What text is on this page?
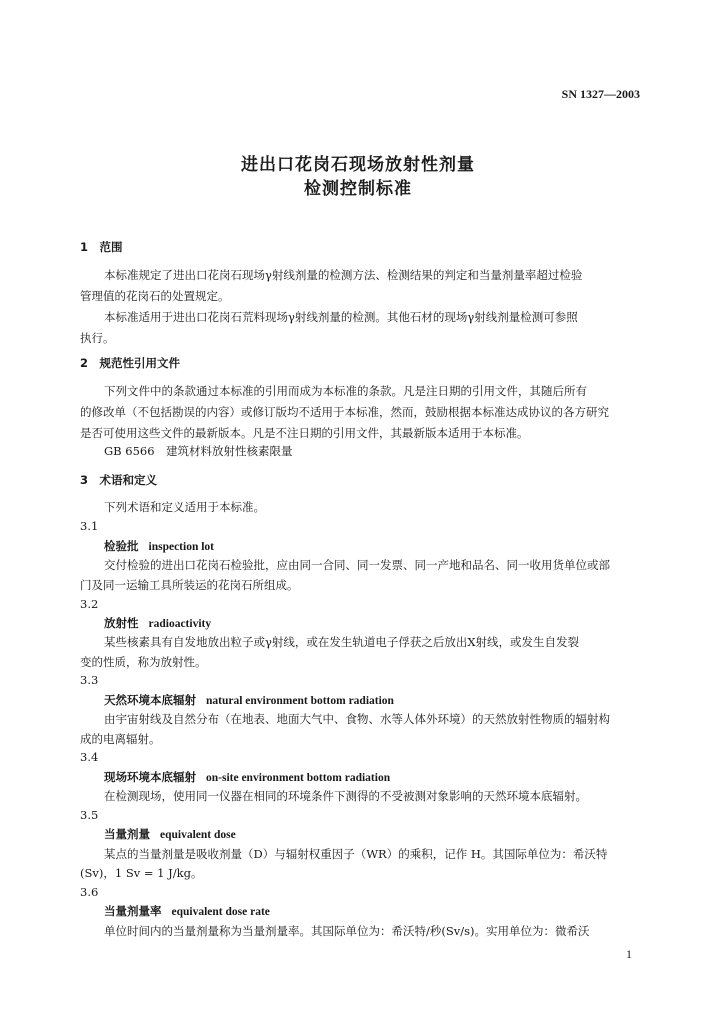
SN 1327—2003
进出口花岗石现场放射性剂量
检测控制标准
1　范围
本标准规定了进出口花岗石现场γ射线剂量的检测方法、检测结果的判定和当量剂量率超过检验
管理值的花岗石的处置规定。
本标准适用于进出口花岗石荒料现场γ射线剂量的检测。其他石材的现场γ射线剂量检测可参照
执行。
2　规范性引用文件
下列文件中的条款通过本标准的引用而成为本标准的条款。凡是注日期的引用文件，其随后所有
的修改单（不包括勘误的内容）或修订版均不适用于本标准，然而，鼓励根据本标准达成协议的各方研究
是否可使用这些文件的最新版本。凡是不注日期的引用文件，其最新版本适用于本标准。
GB 6566　建筑材料放射性核素限量
3　术语和定义
下列术语和定义适用于本标准。
3.1
检验批 inspection lot
交付检验的进出口花岗石检验批，应由同一合同、同一发票、同一产地和品名、同一收用货单位或部
门及同一运输工具所装运的花岗石所组成。
3.2
放射性 radioactivity
某些核素具有自发地放出粒子或γ射线，或在发生轨道电子俘获之后放出X射线，或发生自发裂
变的性质，称为放射性。
3.3
天然环境本底辐射 natural environment bottom radiation
由宇宙射线及自然分布（在地表、地面大气中、食物、水等人体外环境）的天然放射性物质的辐射构
成的电离辐射。
3.4
现场环境本底辐射 on-site environment bottom radiation
在检测现场，使用同一仪器在相同的环境条件下测得的不受被测对象影响的天然环境本底辐射。
3.5
当量剂量 equivalent dose
某点的当量剂量是吸收剂量（D）与辐射权重因子（WR）的乘积，记作 H。其国际单位为：希沃特
(Sv)，1 Sv = 1 J/kg。
3.6
当量剂量率 equivalent dose rate
单位时间内的当量剂量称为当量剂量率。其国际单位为：希沃特/秒(Sv/s)。实用单位为：微希沃
1
